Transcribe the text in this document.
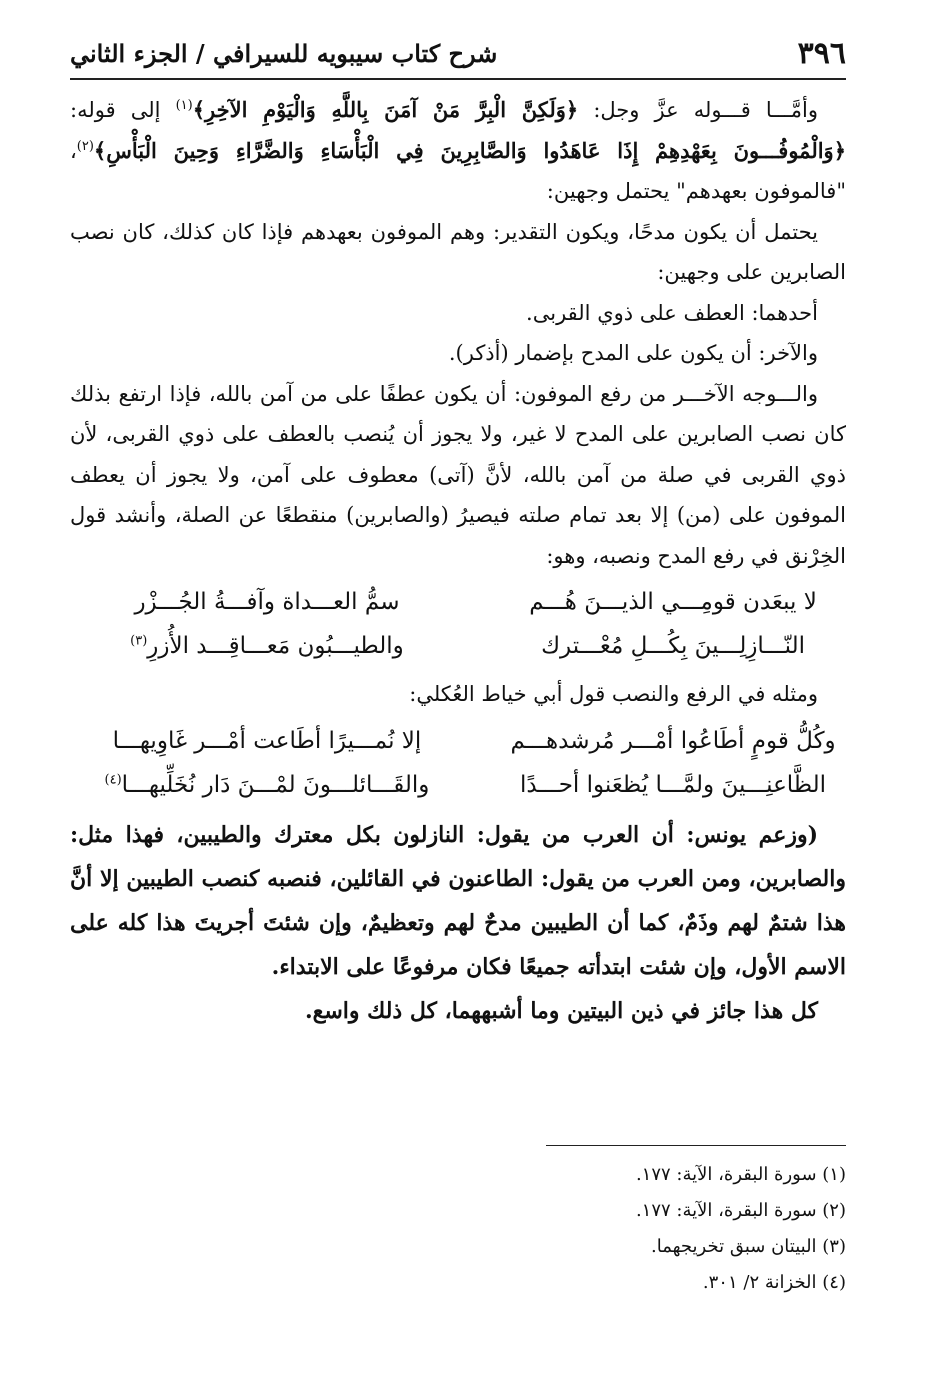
٣٩٦
شرح كتاب سيبويه للسيرافي / الجزء الثاني

وأمَّـــا قـــوله عزَّ وجل: ﴿وَلَكِنَّ الْبِرَّ مَنْ آمَنَ بِاللَّهِ وَالْيَوْمِ الآخِرِ﴾$^{(١)}$ إلى قوله: ﴿وَالْمُوفُـــونَ بِعَهْدِهِمْ إِذَا عَاهَدُوا وَالصَّابِرِينَ فِي الْبَأْسَاءِ وَالضَّرَّاءِ وَحِينَ الْبَأْسِ﴾$^{(٢)}$، "فالموفون بعهدهم" يحتمل وجهين:

يحتمل أن يكون مدحًا، ويكون التقدير: وهم الموفون بعهدهم فإذا كان كذلك، كان نصب الصابرين على وجهين:

أحدهما: العطف على ذوي القربى.

والآخر: أن يكون على المدح بإضمار (أذكر).

والـــوجه الآخـــر من رفع الموفون: أن يكون عطفًا على من آمن بالله، فإذا ارتفع بذلك كان نصب الصابرين على المدح لا غير، ولا يجوز أن يُنصب بالعطف على ذوي القربى، لأن ذوي القربى في صلة من آمن بالله، لأنَّ (آتى) معطوف على آمن، ولا يجوز أن يعطف الموفون على (من) إلا بعد تمام صلته فيصيرُ (والصابرين) منقطعًا عن الصلة، وأنشد قول الخِرْنق في رفع المدح ونصبه، وهو:

لا يبعَدن قومِـــي الذيـــنَ هُـــم
سمُّ العـــداة وآفـــةُ الجُـــزْر
النّـــازِلِـــينَ بِكُـــلِ مُعْـــترك
والطيـــبُون مَعـــاقِـــد الأُزرِ$^{(٣)}$

ومثله في الرفع والنصب قول أبي خياط العُكلي:

وكُلُّ قومٍ أطَاعُوا أمْـــر مُرشدهـــم
إلا نُمـــيرًا أطَاعت أمْـــر غَاوِيهـــا
الظَّاعنِـــينَ ولمَّـــا يُظعَنوا أحـــدًا
والقَـــائلـــونَ لمْـــنَ دَار نُخَلِّيهـــا$^{(٤)}$

(وزعم يونس: أن العرب من يقول: النازلون بكل معترك والطيبين، فهذا مثل: والصابرين، ومن العرب من يقول: الطاعنون في القائلين، فنصبه كنصب الطيبين إلا أنَّ هذا شتمٌ لهم وذَمٌ، كما أن الطيبين مدحٌ لهم وتعظيمٌ، وإن شئتَ أجريتَ هذا كله على الاسم الأول، وإن شئت ابتدأته جميعًا فكان مرفوعًا على الابتداء.

كل هذا جائز في ذين البيتين وما أشبههما، كل ذلك واسع.

(١) سورة البقرة، الآية: ١٧٧.
(٢) سورة البقرة، الآية: ١٧٧.
(٣) البيتان سبق تخريجهما.
(٤) الخزانة ٢/ ٣٠١.
